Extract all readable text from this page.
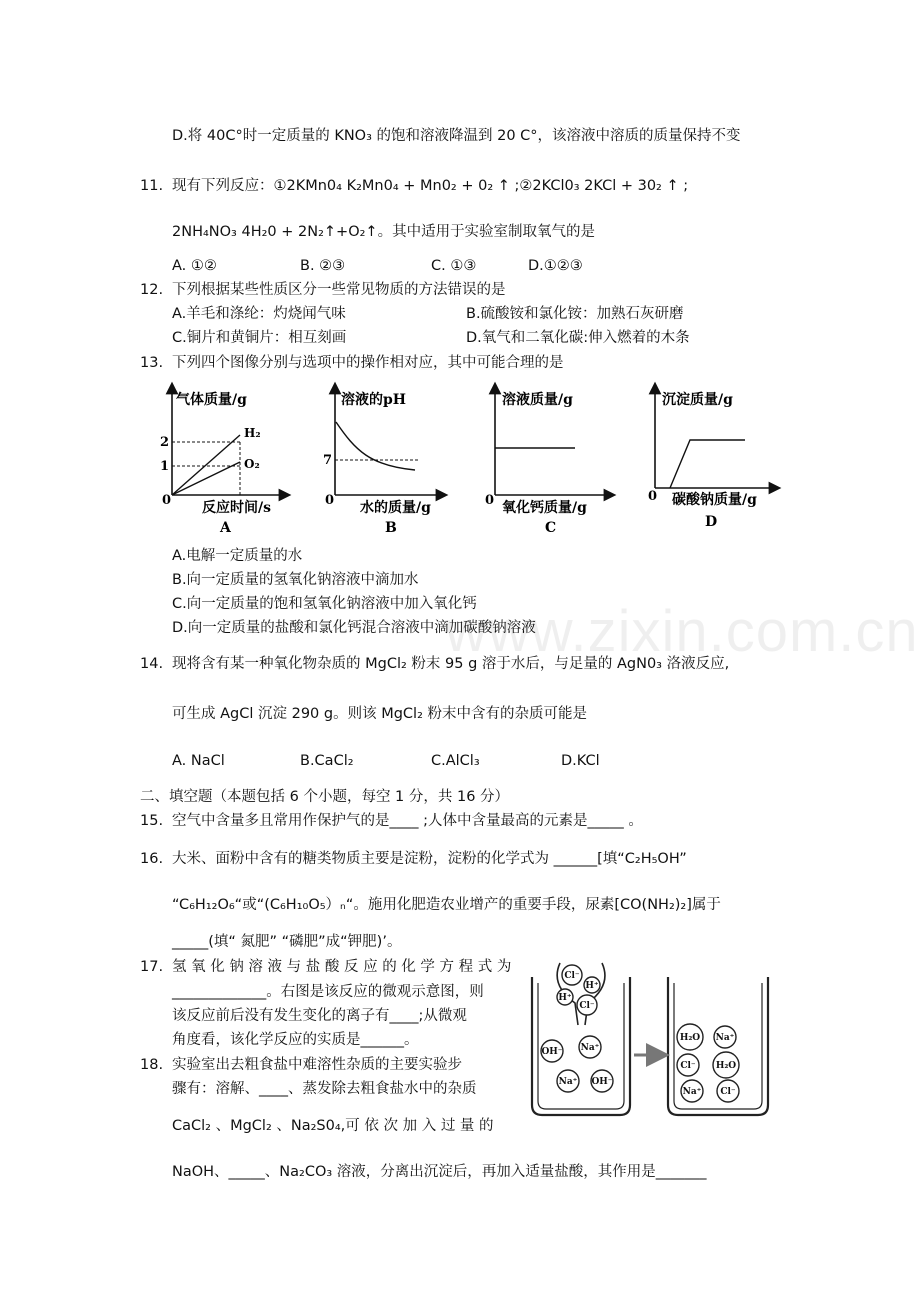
D.将 40C°时一定质量的 KNO₃ 的饱和溶液降温到 20 C°，该溶液中溶质的质量保持不变
11. 现有下列反应：①2KMn0₄ K₂Mn0₄ + Mn0₂ + 0₂ ↑ ;②2KCl0₃ 2KCl + 30₂ ↑ ;
2NH₄NO₃ 4H₂0 + 2N₂↑+O₂↑。其中适用于实验室制取氧气的是
A. ①②	B. ②③	C. ①③	D.①②③
12. 下列根据某些性质区分一些常见物质的方法错误的是
A.羊毛和涤纶：灼烧闻气味	B.硫酸铵和氯化铵：加熟石灰研磨
C.铜片和黄铜片：相互刻画	D.氧气和二氧化碳:伸入燃着的木条
13. 下列四个图像分别与选项中的操作相对应，其中可能合理的是
气体质量/g
2
1
0
H₂
O₂
反应时间/s
A
溶液的pH
7
0 水的质量/g
B
溶液质量/g
0 氧化钙质量/g
C
沉淀质量/g
0 碳酸钠质量/g
D
A.电解一定质量的水
B.向一定质量的氢氧化钠溶液中滴加水
C.向一定质量的饱和氢氧化钠溶液中加入氧化钙
D.向一定质量的盐酸和氯化钙混合溶液中滴加碳酸钠溶液
www.zixin.com.cn
14. 现将含有某一种氧化物杂质的 MgCl₂ 粉末 95 g 溶于水后，与足量的 AgN0₃ 洛液反应,
可生成 AgCl 沉淀 290 g。则该 MgCl₂ 粉末中含有的杂质可能是
A. NaCl	B.CaCl₂	C.AlCl₃	D.KCl
二、填空题（本题包括 6 个小题，每空 1 分，共 16 分）
15. 空气中含量多且常用作保护气的是____ ;人体中含量最高的元素是_____ 。
16. 大米、面粉中含有的糖类物质主要是淀粉，淀粉的化学式为 ______[填“C₂H₅OH”
“C₆H₁₂O₆“或“(C₆H₁₀O₅）ₙ“。施用化肥造农业增产的重要手段，尿素[CO(NH₂)₂]属于
_____(填“ 氮肥” “磷肥”成“钾肥)’。
17. 氢 氧 化 钠 溶 液 与 盐 酸 反 应 的 化 学 方 程 式 为
_____________。右图是该反应的微观示意图，则
该反应前后没有发生变化的离子有____;从微观
角度看，该化学反应的实质是______。
18. 实验室出去粗食盐中难溶性杂质的主要实验步
骤有：溶解、____、蒸发除去粗食盐水中的杂质
CaCl₂ 、MgCl₂ 、Na₂S0₄,可 依 次 加 入 过 量 的
NaOH、_____、Na₂CO₃ 溶液，分离出沉淀后，再加入适量盐酸，其作用是_______
Cl⁻
H⁺
H⁺
Cl⁻
OH⁻ Na⁺
Na⁺ OH⁻
H₂O Na⁺
Cl⁻ H₂O
Na⁺ Cl⁻
